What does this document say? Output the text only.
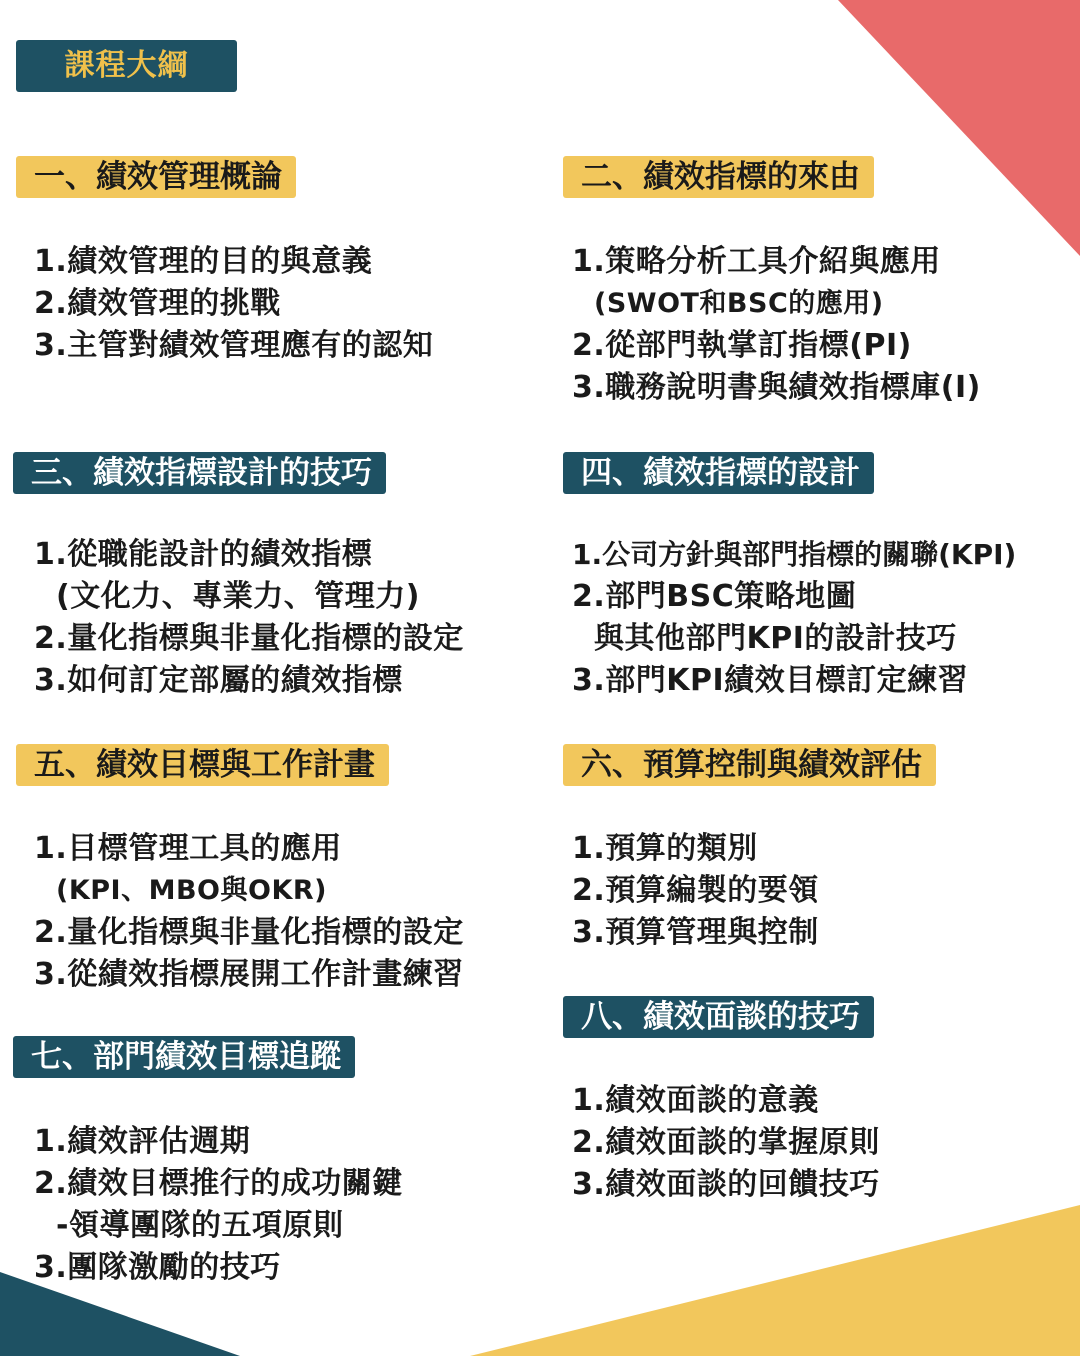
課程大綱
一、績效管理概論
1.績效管理的目的與意義
2.績效管理的挑戰
3.主管對績效管理應有的認知
二、績效指標的來由
1.策略分析工具介紹與應用
(SWOT和BSC的應用)
2.從部門執掌訂指標(PI)
3.職務說明書與績效指標庫(I)
三、績效指標設計的技巧
1.從職能設計的績效指標
(文化力、專業力、管理力)
2.量化指標與非量化指標的設定
3.如何訂定部屬的績效指標
四、績效指標的設計
1.公司方針與部門指標的關聯(KPI)
2.部門BSC策略地圖
與其他部門KPI的設計技巧
3.部門KPI績效目標訂定練習
五、績效目標與工作計畫
1.目標管理工具的應用
(KPI、MBO與OKR)
2.量化指標與非量化指標的設定
3.從績效指標展開工作計畫練習
六、預算控制與績效評估
1.預算的類別
2.預算編製的要領
3.預算管理與控制
七、部門績效目標追蹤
1.績效評估週期
2.績效目標推行的成功關鍵
-領導團隊的五項原則
3.團隊激勵的技巧
八、績效面談的技巧
1.績效面談的意義
2.績效面談的掌握原則
3.績效面談的回饋技巧
